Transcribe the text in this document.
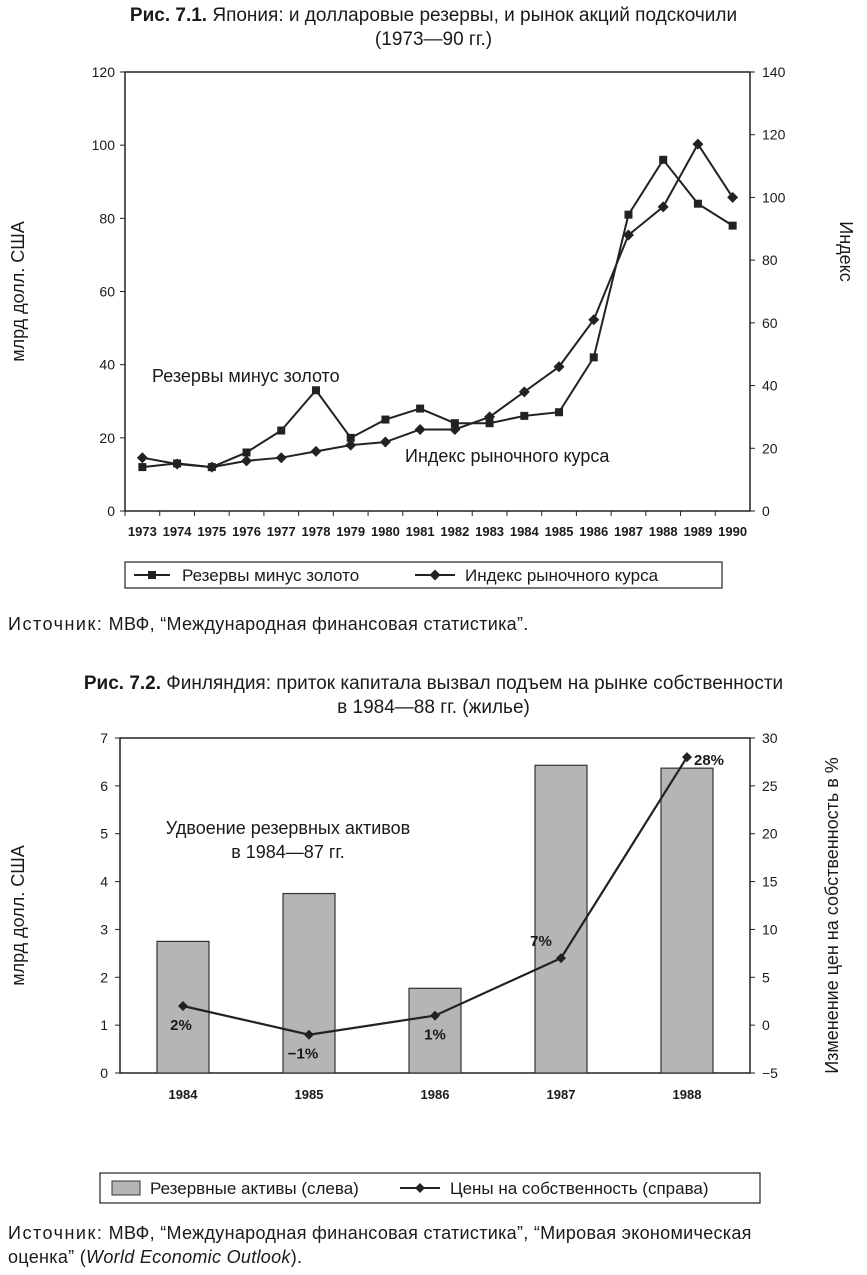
Рис. 7.1. Япония: и долларовые резервы, и рынок акций подскочили
(1973—90 гг.)
0
20
40
60
80
100
120
0
20
40
60
80
100
120
140
1973 1974 1975 1976 1977 1978 1979 1980 1981 1982 1983 1984 1985 1986 1987 1988 1989 1990
млрд долл. США	Индекс
Резервы минус золото
Индекс рыночного курса
Резервы минус золото	Индекс рыночного курса
Источник: МВФ, “Международная финансовая статистика”.
Рис. 7.2. Финляндия: приток капитала вызвал подъем на рынке собственности
в 1984—88 гг. (жилье)
0
1
2
3
4
5
6
7
−5
0
5
10
15
20
25
30
1984	1985	1986	1987	1988
млрд долл. США	Изменение цен на собственность в %
2%
−1%
1%
7%
28%
Удвоение резервных активов
в 1984—87 гг.
Резервные активы (слева)	Цены на собственность (справа)
Источник: МВФ, “Международная финансовая статистика”, “Мировая экономическая
оценка” (World Economic Outlook).
